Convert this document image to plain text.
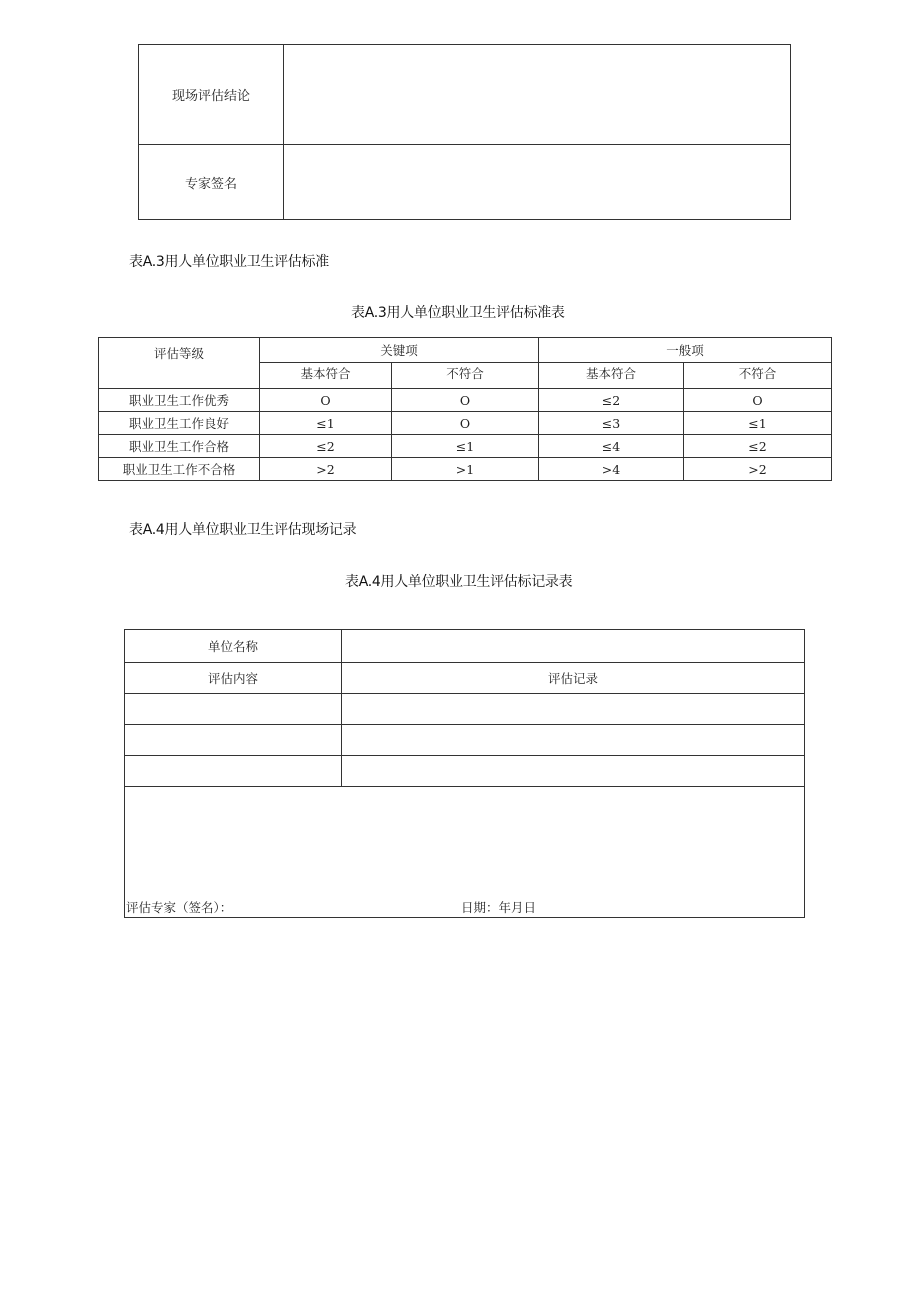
现场评估结论	
专家签名	
表A.3用人单位职业卫生评估标准
表A.3用人单位职业卫生评估标准表
评估等级	关键项		一般项	
	基本符合	不符合	基本符合	不符合
职业卫生工作优秀	O	O	≤2	O
职业卫生工作良好	≤1	O	≤3	≤1
职业卫生工作合格	≤2	≤1	≤4	≤2
职业卫生工作不合格	>2	>1	>4	>2
表A.4用人单位职业卫生评估现场记录
表A.4用人单位职业卫生评估标记录表
单位名称	
评估内容	评估记录

评估专家（签名）： 日期：年月日	
